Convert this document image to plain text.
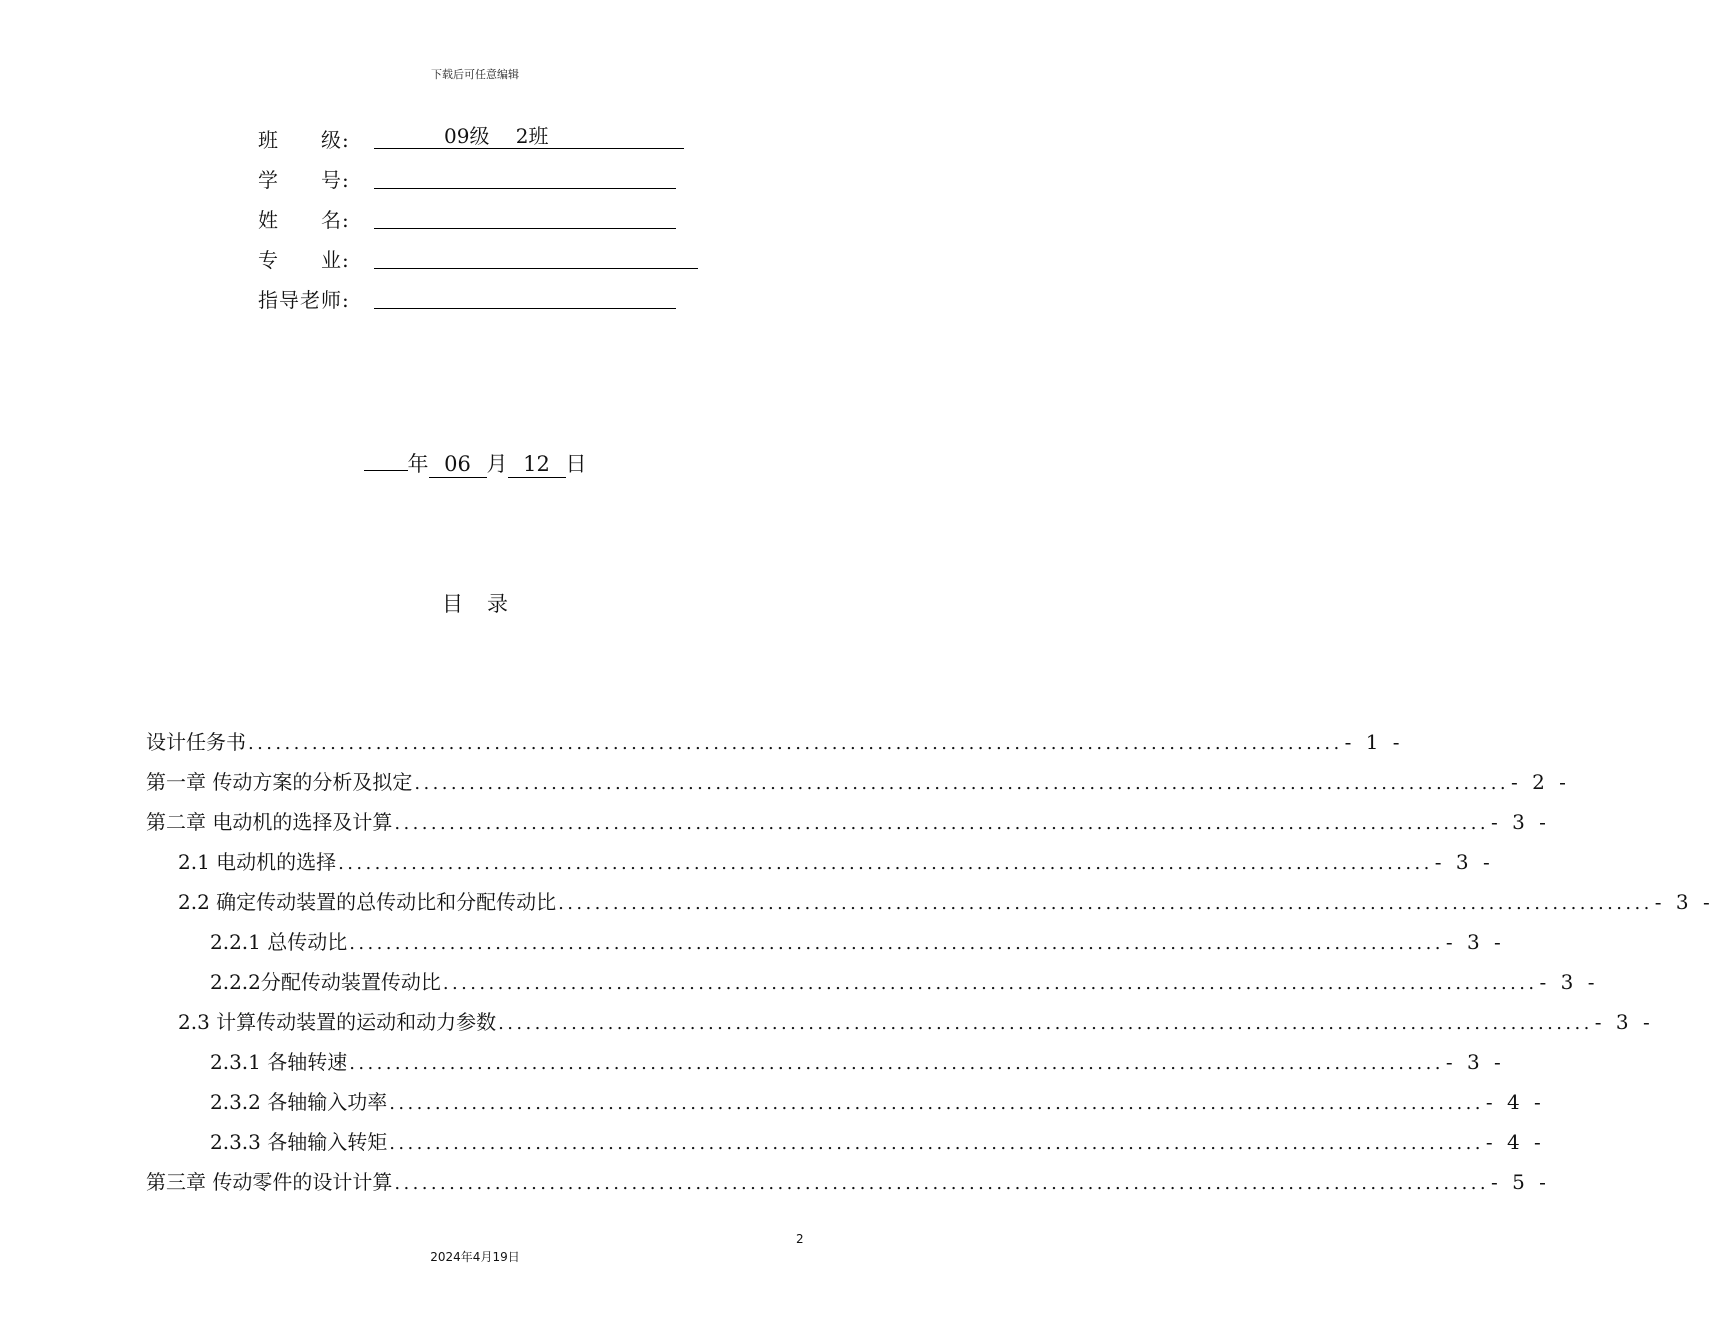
下载后可任意编辑
班　　级:	09级　 2班
学　　号:
姓　　名:
专　　业:
指导老师:
年 06 月 12 日
目录
设计任务书 ........................................................................................................................ - 1 -
第一章 传动方案的分析及拟定 ........................................................................................................................ - 2 -
第二章 电动机的选择及计算 ........................................................................................................................ - 3 -
2.1 电动机的选择 ........................................................................................................................ - 3 -
2.2 确定传动装置的总传动比和分配传动比 ........................................................................................................................ - 3 -
2.2.1 总传动比 ........................................................................................................................ - 3 -
2.2.2分配传动装置传动比 ........................................................................................................................ - 3 -
2.3 计算传动装置的运动和动力参数 ........................................................................................................................ - 3 -
2.3.1 各轴转速 ........................................................................................................................ - 3 -
2.3.2 各轴输入功率 ........................................................................................................................ - 4 -
2.3.3 各轴输入转矩 ........................................................................................................................ - 4 -
第三章 传动零件的设计计算 ........................................................................................................................ - 5 -
2
2024年4月19日
